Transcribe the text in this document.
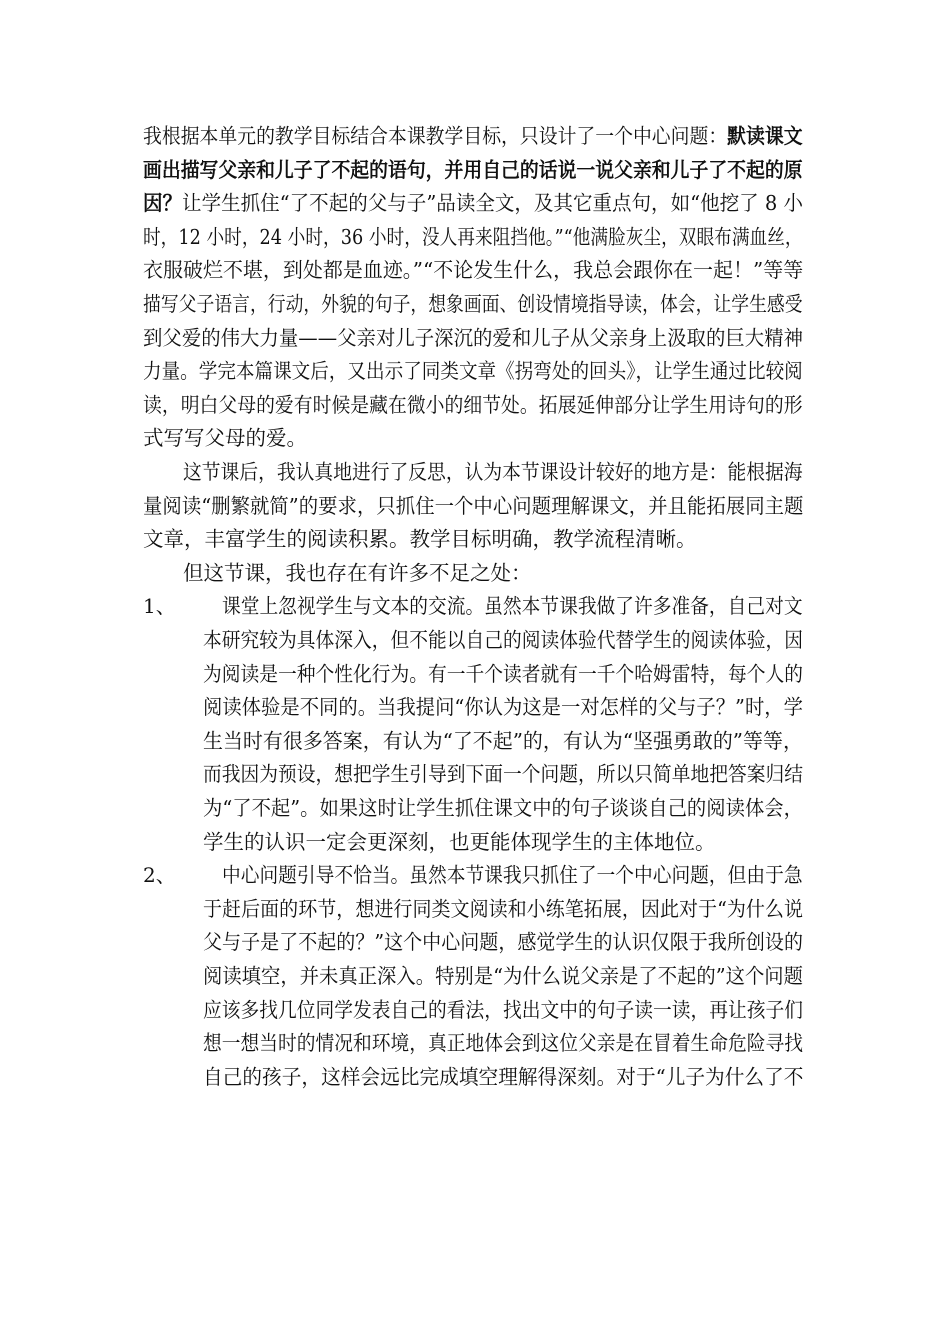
我根据本单元的教学目标结合本课教学目标，只设计了一个中心问题：默读课文
画出描写父亲和儿子了不起的语句，并用自己的话说一说父亲和儿子了不起的原
因？让学生抓住“了不起的父与子”品读全文，及其它重点句，如“他挖了 8 小
时，12 小时，24 小时，36 小时，没人再来阻挡他。”“他满脸灰尘，双眼布满血丝，
衣服破烂不堪，到处都是血迹。”“不论发生什么，我总会跟你在一起！”等等
描写父子语言，行动，外貌的句子，想象画面、创设情境指导读，体会，让学生感受
到父爱的伟大力量——父亲对儿子深沉的爱和儿子从父亲身上汲取的巨大精神
力量。学完本篇课文后，又出示了同类文章《拐弯处的回头》，让学生通过比较阅
读，明白父母的爱有时候是藏在微小的细节处。拓展延伸部分让学生用诗句的形
式写写父母的爱。
这节课后，我认真地进行了反思，认为本节课设计较好的地方是：能根据海
量阅读“删繁就简”的要求，只抓住一个中心问题理解课文，并且能拓展同主题
文章，丰富学生的阅读积累。教学目标明确，教学流程清晰。
但这节课，我也存在有许多不足之处：
1、 课堂上忽视学生与文本的交流。虽然本节课我做了许多准备，自己对文
本研究较为具体深入，但不能以自己的阅读体验代替学生的阅读体验，因
为阅读是一种个性化行为。有一千个读者就有一千个哈姆雷特，每个人的
阅读体验是不同的。当我提问“你认为这是一对怎样的父与子？”时，学
生当时有很多答案，有认为“了不起”的，有认为“坚强勇敢的”等等，
而我因为预设，想把学生引导到下面一个问题，所以只简单地把答案归结
为“了不起”。如果这时让学生抓住课文中的句子谈谈自己的阅读体会，
学生的认识一定会更深刻，也更能体现学生的主体地位。
2、 中心问题引导不恰当。虽然本节课我只抓住了一个中心问题，但由于急
于赶后面的环节，想进行同类文阅读和小练笔拓展，因此对于“为什么说
父与子是了不起的？”这个中心问题，感觉学生的认识仅限于我所创设的
阅读填空，并未真正深入。特别是“为什么说父亲是了不起的”这个问题
应该多找几位同学发表自己的看法，找出文中的句子读一读，再让孩子们
想一想当时的情况和环境，真正地体会到这位父亲是在冒着生命危险寻找
自己的孩子，这样会远比完成填空理解得深刻。对于“儿子为什么了不
